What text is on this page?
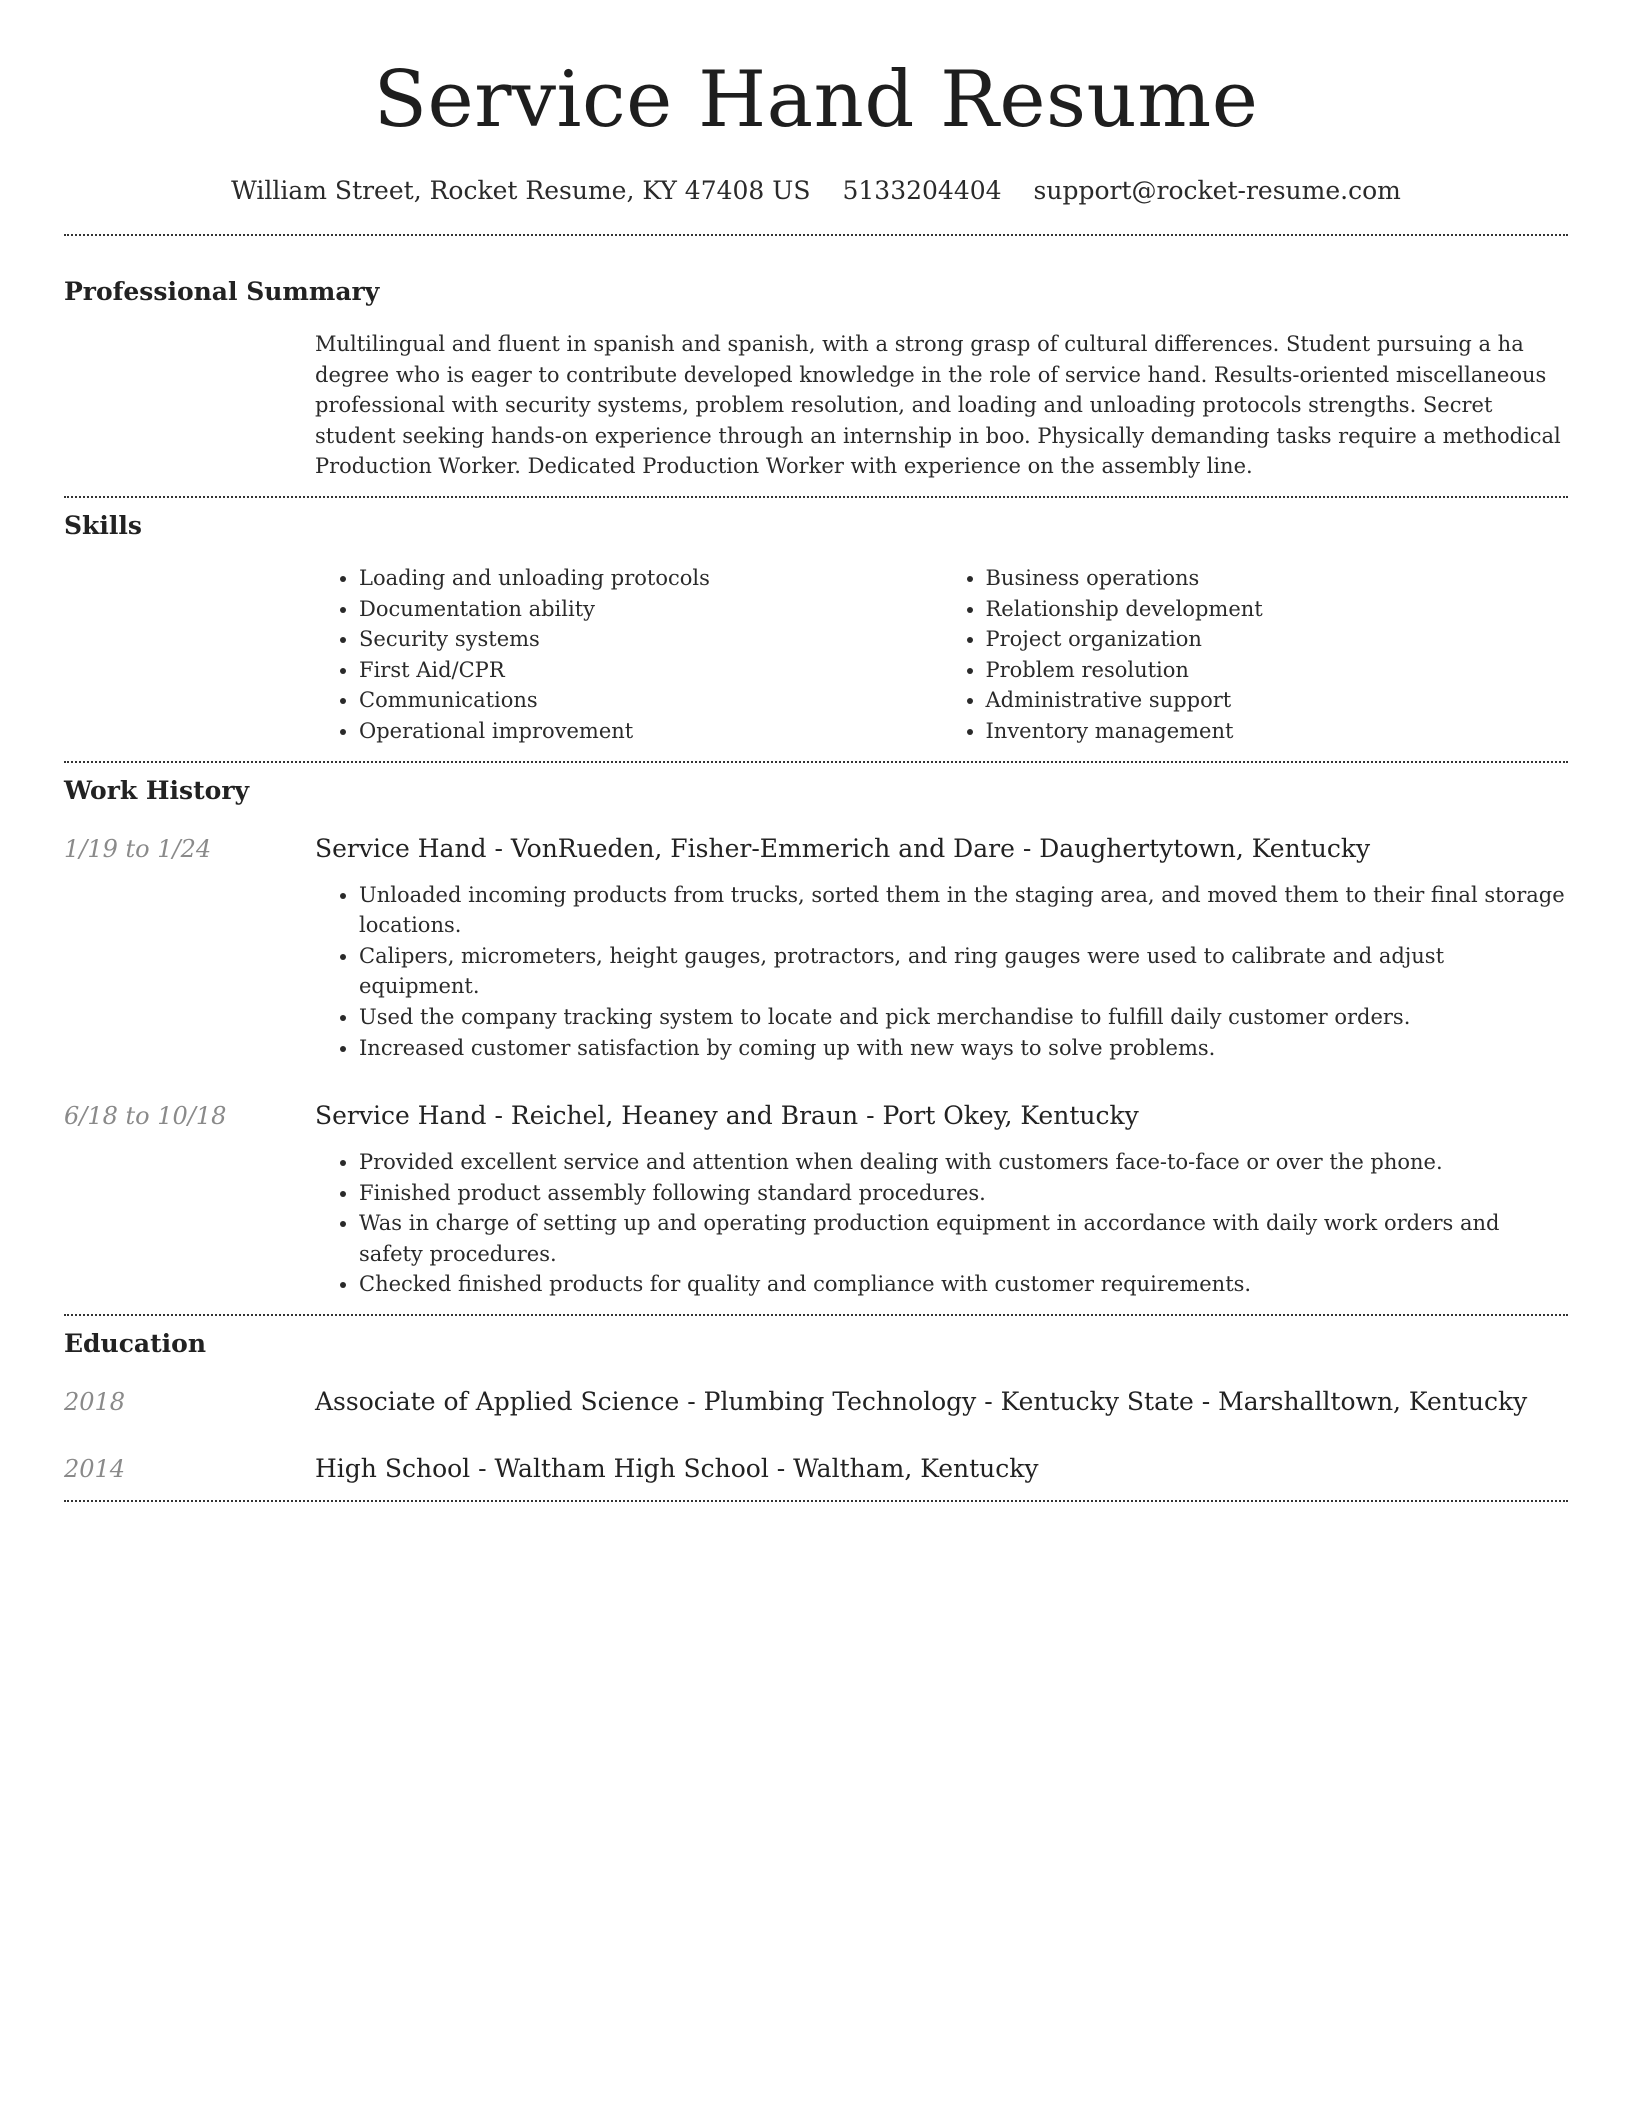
Service Hand Resume
William Street, Rocket Resume, KY 47408 US 5133204404 support@rocket-resume.com
Professional Summary
Multilingual and fluent in spanish and spanish, with a strong grasp of cultural differences. Student pursuing a ha degree who is eager to contribute developed knowledge in the role of service hand. Results-oriented miscellaneous professional with security systems, problem resolution, and loading and unloading protocols strengths. Secret student seeking hands-on experience through an internship in boo. Physically demanding tasks require a methodical Production Worker. Dedicated Production Worker with experience on the assembly line.
Skills
• Loading and unloading protocols
• Documentation ability
• Security systems
• First Aid/CPR
• Communications
• Operational improvement
• Business operations
• Relationship development
• Project organization
• Problem resolution
• Administrative support
• Inventory management
Work History
1/19 to 1/24	Service Hand - VonRueden, Fisher-Emmerich and Dare - Daughertytown, Kentucky
• Unloaded incoming products from trucks, sorted them in the staging area, and moved them to their final storage locations.
• Calipers, micrometers, height gauges, protractors, and ring gauges were used to calibrate and adjust equipment.
• Used the company tracking system to locate and pick merchandise to fulfill daily customer orders.
• Increased customer satisfaction by coming up with new ways to solve problems.
6/18 to 10/18	Service Hand - Reichel, Heaney and Braun - Port Okey, Kentucky
• Provided excellent service and attention when dealing with customers face-to-face or over the phone.
• Finished product assembly following standard procedures.
• Was in charge of setting up and operating production equipment in accordance with daily work orders and safety procedures.
• Checked finished products for quality and compliance with customer requirements.
Education
2018	Associate of Applied Science - Plumbing Technology - Kentucky State - Marshalltown, Kentucky
2014	High School - Waltham High School - Waltham, Kentucky
